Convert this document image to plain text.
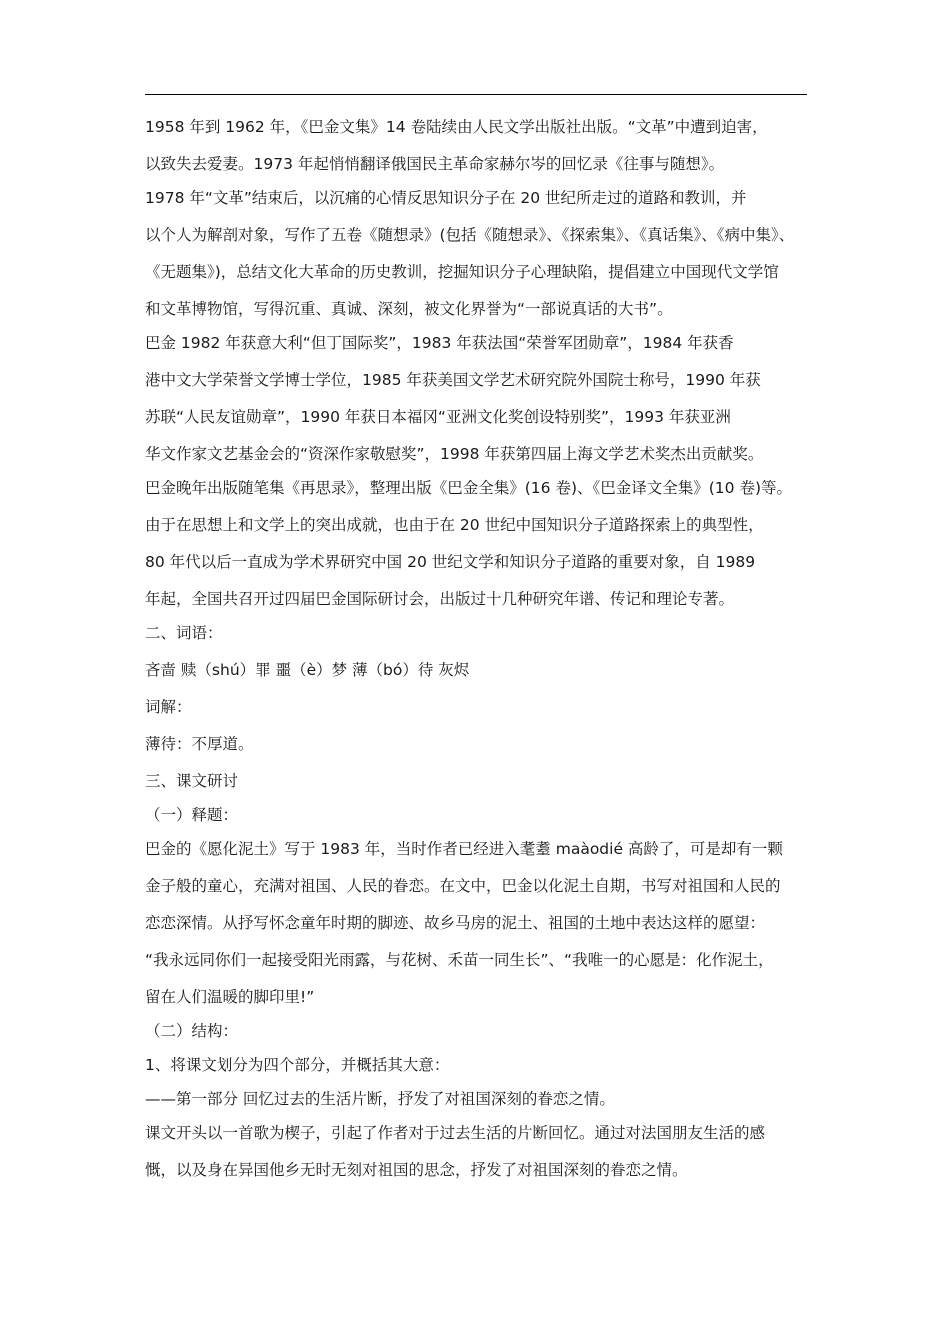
1958 年到 1962 年，《巴金文集》14 卷陆续由人民文学出版社出版。“文革”中遭到迫害，

以致失去爱妻。1973 年起悄悄翻译俄国民主革命家赫尔岑的回忆录《往事与随想》。

1978 年“文革”结束后，以沉痛的心情反思知识分子在 20 世纪所走过的道路和教训，并

以个人为解剖对象，写作了五卷《随想录》(包括《随想录》、《探索集》、《真话集》、《病中集》、

《无题集》)，总结文化大革命的历史教训，挖掘知识分子心理缺陷，提倡建立中国现代文学馆

和文革博物馆，写得沉重、真诚、深刻，被文化界誉为“一部说真话的大书”。

巴金 1982 年获意大利“但丁国际奖”，1983 年获法国“荣誉军团勋章”，1984 年获香

港中文大学荣誉文学博士学位，1985 年获美国文学艺术研究院外国院士称号，1990 年获

苏联“人民友谊勋章”，1990 年获日本福冈“亚洲文化奖创设特别奖”，1993 年获亚洲

华文作家文艺基金会的“资深作家敬慰奖”，1998 年获第四届上海文学艺术奖杰出贡献奖。

巴金晚年出版随笔集《再思录》，整理出版《巴金全集》(16 卷)、《巴金译文全集》(10 卷)等。

由于在思想上和文学上的突出成就，也由于在 20 世纪中国知识分子道路探索上的典型性，

80 年代以后一直成为学术界研究中国 20 世纪文学和知识分子道路的重要对象，自 1989

年起，全国共召开过四届巴金国际研讨会，出版过十几种研究年谱、传记和理论专著。

二、词语：

吝啬 赎（shú）罪 噩（è）梦 薄（bó）待 灰烬

词解：

薄待：不厚道。

三、课文研讨

（一）释题：

巴金的《愿化泥土》写于 1983 年，当时作者已经进入耄耋 maàodié 高龄了，可是却有一颗

金子般的童心，充满对祖国、人民的眷恋。在文中，巴金以化泥土自期，书写对祖国和人民的

恋恋深情。从抒写怀念童年时期的脚迹、故乡马房的泥土、祖国的土地中表达这样的愿望：

“我永远同你们一起接受阳光雨露，与花树、禾苗一同生长”、“我唯一的心愿是：化作泥土，

留在人们温暖的脚印里!”

（二）结构：

1、将课文划分为四个部分，并概括其大意：

——第一部分 回忆过去的生活片断，抒发了对祖国深刻的眷恋之情。

课文开头以一首歌为楔子，引起了作者对于过去生活的片断回忆。通过对法国朋友生活的感

慨，以及身在异国他乡无时无刻对祖国的思念，抒发了对祖国深刻的眷恋之情。
